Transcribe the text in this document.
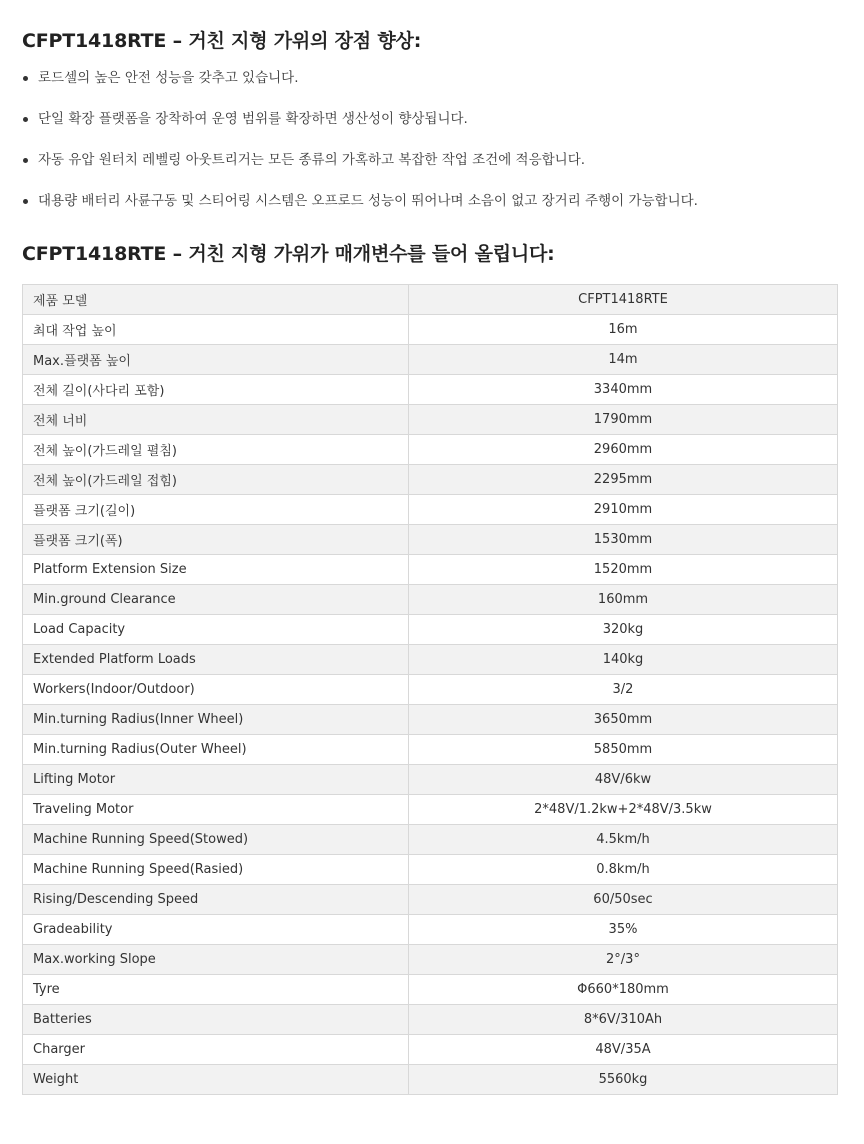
CFPT1418RTE – 거친 지형 가위의 장점 향상:
로드셀의 높은 안전 성능을 갖추고 있습니다.
단일 확장 플랫폼을 장착하여 운영 범위를 확장하면 생산성이 향상됩니다.
자동 유압 원터치 레벨링 아웃트리거는 모든 종류의 가혹하고 복잡한 작업 조건에 적응합니다.
대용량 배터리 사륜구동 및 스티어링 시스템은 오프로드 성능이 뛰어나며 소음이 없고 장거리 주행이 가능합니다.
CFPT1418RTE – 거친 지형 가위가 매개변수를 들어 올립니다:
제품 모델	CFPT1418RTE
최대 작업 높이	16m
Max.플랫폼 높이	14m
전체 길이(사다리 포함)	3340mm
전체 너비	1790mm
전체 높이(가드레일 펼침)	2960mm
전체 높이(가드레일 접힘)	2295mm
플랫폼 크기(길이)	2910mm
플랫폼 크기(폭)	1530mm
Platform Extension Size	1520mm
Min.ground Clearance	160mm
Load Capacity	320kg
Extended Platform Loads	140kg
Workers(Indoor/Outdoor)	3/2
Min.turning Radius(Inner Wheel)	3650mm
Min.turning Radius(Outer Wheel)	5850mm
Lifting Motor	48V/6kw
Traveling Motor	2*48V/1.2kw+2*48V/3.5kw
Machine Running Speed(Stowed)	4.5km/h
Machine Running Speed(Rasied)	0.8km/h
Rising/Descending Speed	60/50sec
Gradeability	35%
Max.working Slope	2°/3°
Tyre	Φ660*180mm
Batteries	8*6V/310Ah
Charger	48V/35A
Weight	5560kg
